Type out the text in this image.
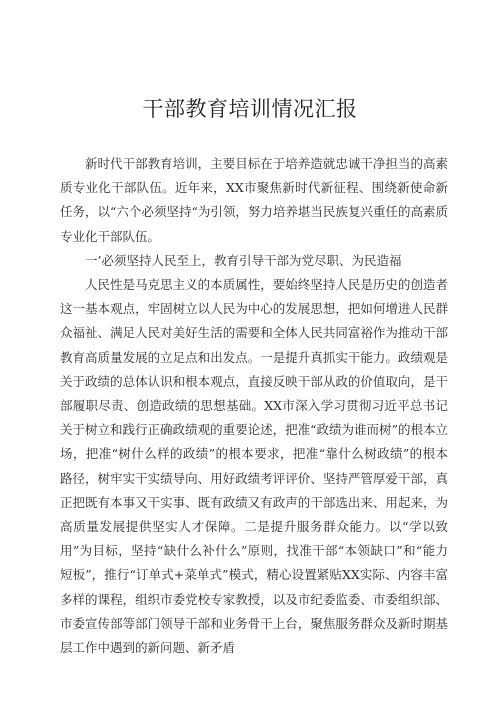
干部教育培训情况汇报

新时代干部教育培训，主要目标在于培养造就忠诚干净担当的高素质专业化干部队伍。近年来，XX市聚焦新时代新征程、围绕新使命新任务，以“六个必须坚持“为引领，努力培养堪当民族复兴重任的高素质专业化干部队伍。

一’必须坚持人民至上，教育引导干部为党尽职、为民造福

人民性是马克思主义的本质属性，要始终坚持人民是历史的创造者这一基本观点，牢固树立以人民为中心的发展思想，把如何增进人民群众福祉、满足人民对美好生活的需要和全体人民共同富裕作为推动干部教育高质量发展的立足点和出发点。一是提升真抓实干能力。政绩观是关于政绩的总体认识和根本观点，直接反映干部从政的价值取向，是干部履职尽责、创造政绩的思想基础。XX市深入学习贯彻习近平总书记关于树立和践行正确政绩观的重要论述，把准“政绩为谁而树”的根本立场，把准“树什么样的政绩”的根本要求，把准“靠什么树政绩”的根本路径，树牢实干实绩导向、用好政绩考评评价、坚持严管厚爱干部，真正把既有本事又干实事、既有政绩又有政声的干部选出来、用起来，为高质量发展提供坚实人才保障。二是提升服务群众能力。以“学以致用”为目标，坚持“缺什么补什么”原则，找准干部“本领缺口”和“能力短板”，推行“订单式+菜单式”模式，精心设置紧贴XX实际、内容丰富多样的课程，组织市委党校专家教授，以及市纪委监委、市委组织部、市委宣传部等部门领导干部和业务骨干上台，聚焦服务群众及新时期基层工作中遇到的新问题、新矛盾
